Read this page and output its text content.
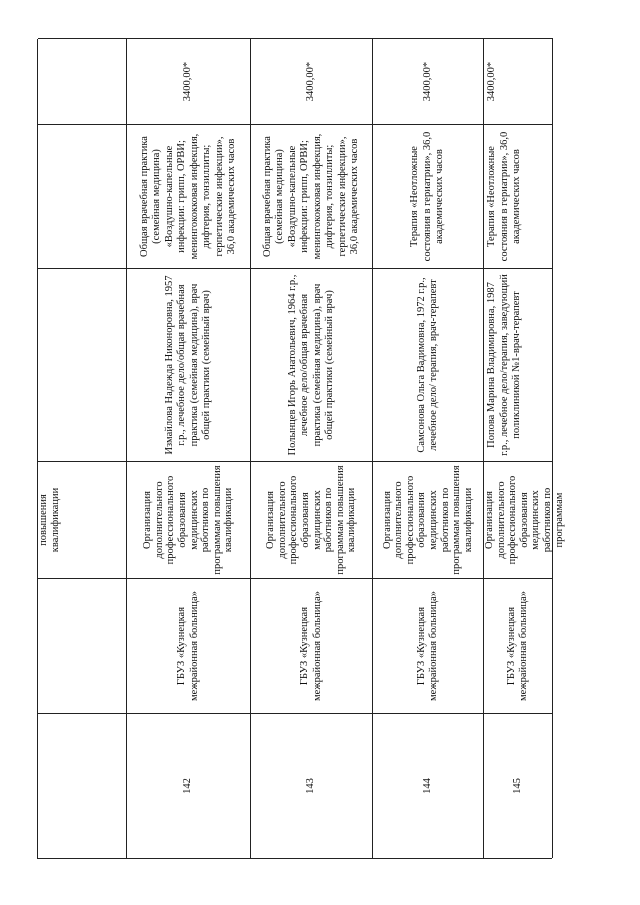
повышения квалификации
142
ГБУЗ «Кузнецкая межрайонная больница»
Организация дополнительного профессионального образования медицинских работников по программам повышения квалификации
Измайлова Надежда Никоноровна, 1957 г.р., лечебное дело/общая врачебная практика (семейная медицина), врач общей практики (семейный врач)
Общая врачебная практика (семейная медицина) «Воздушно-капельные инфекции: грипп, ОРВИ; менингококковая инфекция, дифтерия, тонзиллиты; герпетические инфекции», 36,0 академических часов
3400,00*
143
ГБУЗ «Кузнецкая межрайонная больница»
Организация дополнительного профессионального образования медицинских работников по программам повышения квалификации
Полынцев Игорь Анатольевич, 1964 г.р., лечебное дело/общая врачебная практика (семейная медицина), врач общей практики (семейный врач)
Общая врачебная практика (семейная медицина) «Воздушно-капельные инфекции: грипп, ОРВИ; менингококковая инфекция, дифтерия, тонзиллиты; герпетические инфекции», 36,0 академических часов
3400,00*
144
ГБУЗ «Кузнецкая межрайонная больница»
Организация дополнительного профессионального образования медицинских работников по программам повышения квалификации
Самсонова Ольга Вадимовна, 1972 г.р., лечебное дело/ терапия, врач-терапевт
Терапия «Неотложные состояния в гериатрии», 36,0 академических часов
3400,00*
145
ГБУЗ «Кузнецкая межрайонная больница»
Организация дополнительного профессионального образования медицинских работников по программам
Попова Марина Владимировна, 1987 г.р., лечебное дело/терапия, заведующий поликлиникой №1-врач-терапевт
Терапия «Неотложные состояния в гериатрии», 36,0 академических часов
3400,00*
